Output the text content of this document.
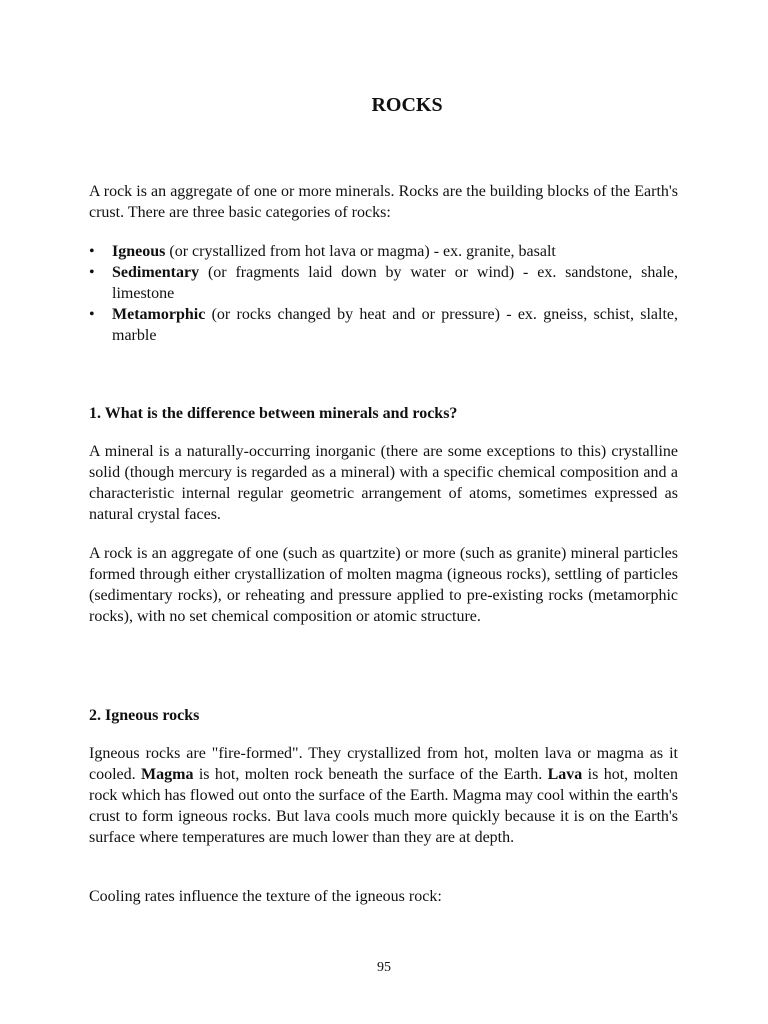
ROCKS
A rock is an aggregate of one or more minerals. Rocks are the building blocks of the Earth's crust. There are three basic categories of rocks:
• Igneous (or crystallized from hot lava or magma) - ex. granite, basalt
• Sedimentary (or fragments laid down by water or wind) - ex. sandstone, shale, limestone
• Metamorphic (or rocks changed by heat and or pressure) - ex. gneiss, schist, slalte, marble
1. What is the difference between minerals and rocks?
A mineral is a naturally-occurring inorganic (there are some exceptions to this) crystalline solid (though mercury is regarded as a mineral) with a specific chemical composition and a characteristic internal regular geometric arrangement of atoms, sometimes expressed as natural crystal faces.
A rock is an aggregate of one (such as quartzite) or more (such as granite) mineral particles formed through either crystallization of molten magma (igneous rocks), settling of particles (sedimentary rocks), or reheating and pressure applied to pre-existing rocks (metamorphic rocks), with no set chemical composition or atomic structure.
2. Igneous rocks
Igneous rocks are "fire-formed". They crystallized from hot, molten lava or magma as it cooled. Magma is hot, molten rock beneath the surface of the Earth. Lava is hot, molten rock which has flowed out onto the surface of the Earth. Magma may cool within the earth's crust to form igneous rocks. But lava cools much more quickly because it is on the Earth's surface where temperatures are much lower than they are at depth.
Cooling rates influence the texture of the igneous rock:
95
